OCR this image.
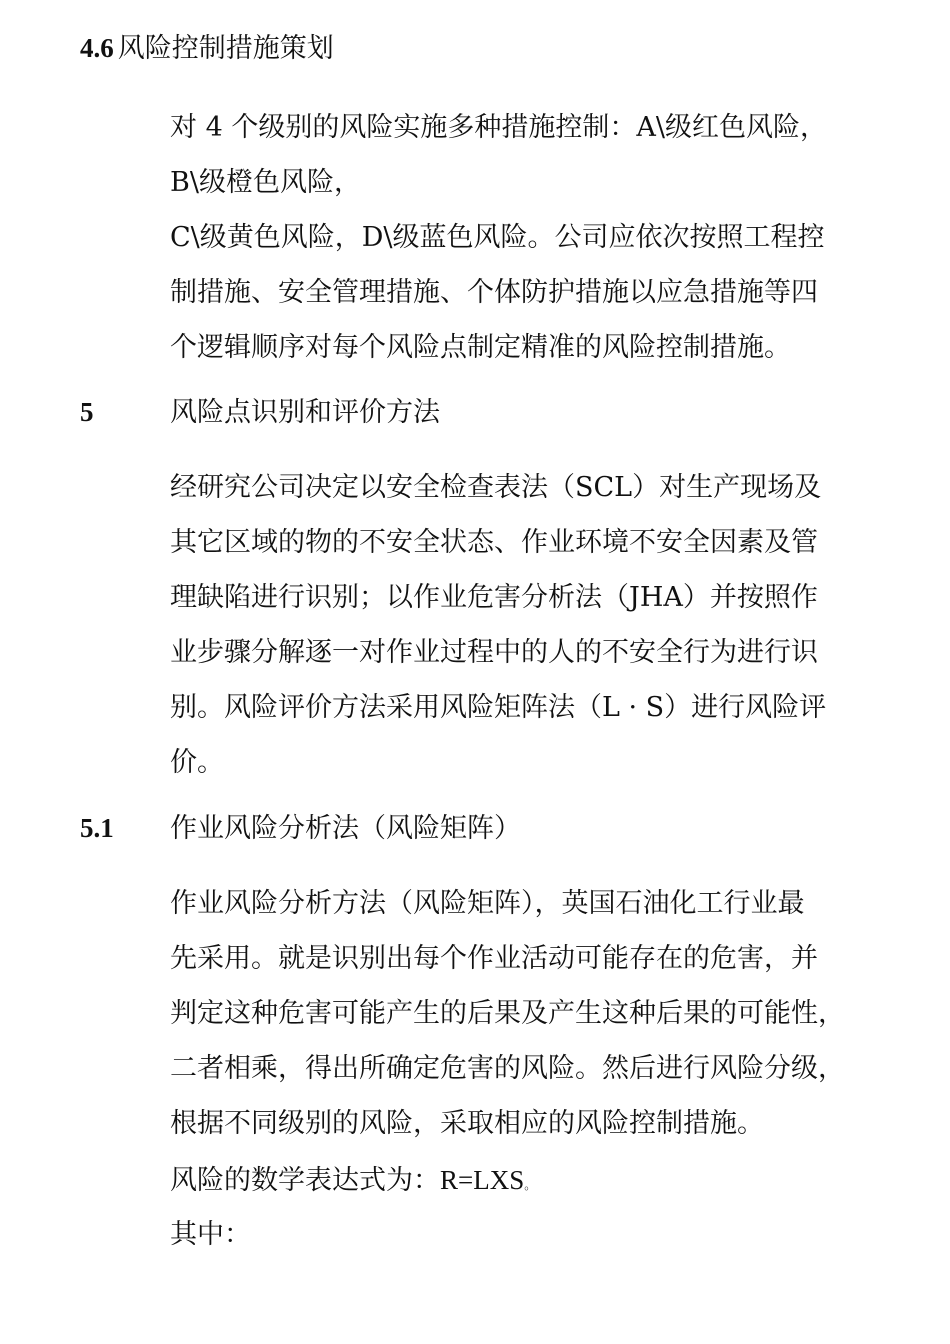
4.6 风险控制措施策划
对 4 个级别的风险实施多种措施控制：A\级红色风险，
B\级橙色风险，
C\级黄色风险，D\级蓝色风险。公司应依次按照工程控
制措施、安全管理措施、个体防护措施以应急措施等四
个逻辑顺序对每个风险点制定精准的风险控制措施。
5	风险点识别和评价方法
经研究公司决定以安全检查表法（SCL）对生产现场及
其它区域的物的不安全状态、作业环境不安全因素及管
理缺陷进行识别；以作业危害分析法（JHA）并按照作
业步骤分解逐一对作业过程中的人的不安全行为进行识
别。风险评价方法采用风险矩阵法（L · S）进行风险评
价。
5.1 作业风险分析法（风险矩阵）
作业风险分析方法（风险矩阵），英国石油化工行业最
先采用。就是识别出每个作业活动可能存在的危害，并
判定这种危害可能产生的后果及产生这种后果的可能性，
二者相乘，得出所确定危害的风险。然后进行风险分级，
根据不同级别的风险，采取相应的风险控制措施。
风险的数学表达式为：R=LXS。
其中：
